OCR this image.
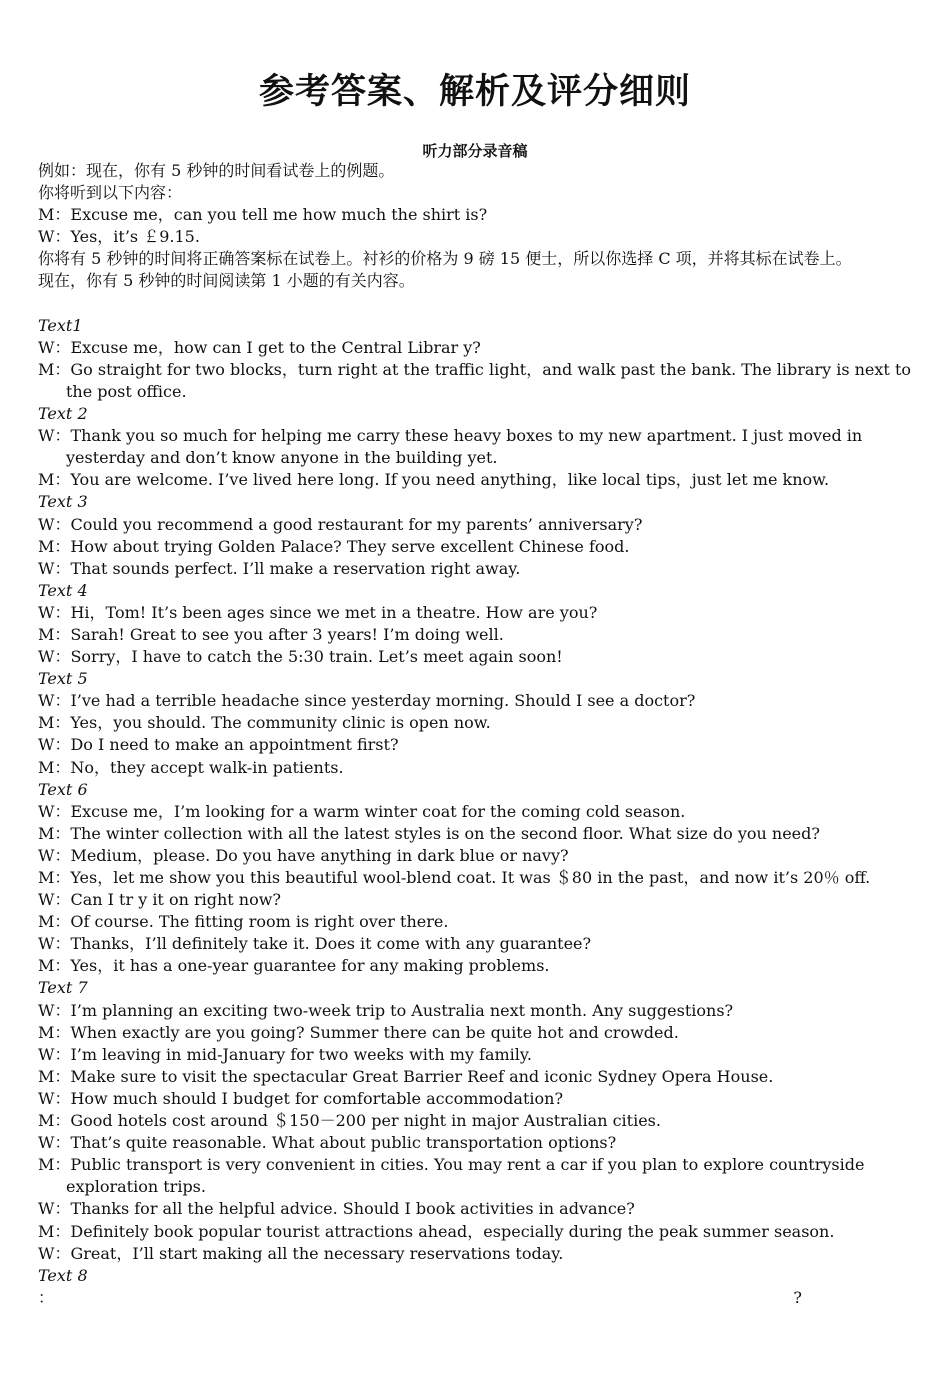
参考答案、解析及评分细则
听力部分录音稿
例如：现在，你有 5 秒钟的时间看试卷上的例题。
你将听到以下内容：
M：Excuse me，can you tell me how much the shirt is?
W：Yes，it’s ￡9.15.
你将有 5 秒钟的时间将正确答案标在试卷上。衬衫的价格为 9 磅 15 便士，所以你选择 C 项，并将其标在试卷上。
现在，你有 5 秒钟的时间阅读第 1 小题的有关内容。
Text1
W：Excuse me，how can I get to the Central Librar y?
M：Go straight for two blocks，turn right at the traffic light，and walk past the bank. The library is next to the post office.
Text 2
W：Thank you so much for helping me carry these heavy boxes to my new apartment. I just moved in yesterday and don’t know anyone in the building yet.
M：You are welcome. I’ve lived here long. If you need anything，like local tips，just let me know.
Text 3
W：Could you recommend a good restaurant for my parents’ anniversary?
M：How about trying Golden Palace? They serve excellent Chinese food.
W：That sounds perfect. I’ll make a reservation right away.
Text 4
W：Hi，Tom! It’s been ages since we met in a theatre. How are you?
M：Sarah! Great to see you after 3 years! I’m doing well.
W：Sorry，I have to catch the 5:30 train. Let’s meet again soon!
Text 5
W：I’ve had a terrible headache since yesterday morning. Should I see a doctor?
M：Yes，you should. The community clinic is open now.
W：Do I need to make an appointment first?
M：No，they accept walk-in patients.
Text 6
W：Excuse me，I’m looking for a warm winter coat for the coming cold season.
M：The winter collection with all the latest styles is on the second floor. What size do you need?
W：Medium，please. Do you have anything in dark blue or navy?
M：Yes，let me show you this beautiful wool-blend coat. It was ＄80 in the past，and now it’s 20％ off.
W：Can I tr y it on right now?
M：Of course. The fitting room is right over there.
W：Thanks，I’ll definitely take it. Does it come with any guarantee?
M：Yes，it has a one-year guarantee for any making problems.
Text 7
W：I’m planning an exciting two-week trip to Australia next month. Any suggestions?
M：When exactly are you going? Summer there can be quite hot and crowded.
W：I’m leaving in mid-January for two weeks with my family.
M：Make sure to visit the spectacular Great Barrier Reef and iconic Sydney Opera House.
W：How much should I budget for comfortable accommodation?
M：Good hotels cost around ＄150－200 per night in major Australian cities.
W：That’s quite reasonable. What about public transportation options?
M：Public transport is very convenient in cities. You may rent a car if you plan to explore countryside exploration trips.
W：Thanks for all the helpful advice. Should I book activities in advance?
M：Definitely book popular tourist attractions ahead，especially during the peak summer season.
W：Great，I’ll start making all the necessary reservations today.
Text 8
：	?
